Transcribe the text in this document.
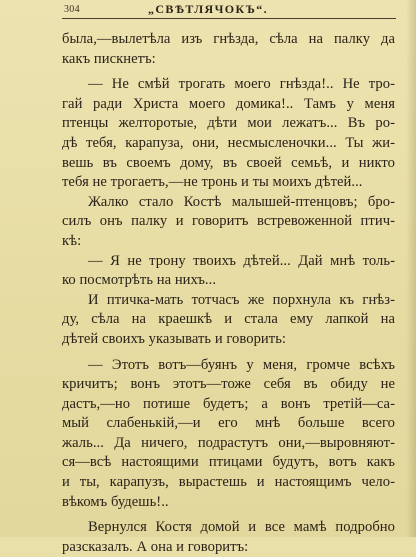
304	„СВѢТЛЯЧОКЪ“.
была,—вылетѣла изъ гнѣзда, сѣла на палку да
какъ пискнетъ:
— Не смѣй трогать моего гнѣзда!.. Не тро-
гай ради Христа моего домика!.. Тамъ у меня
птенцы желторотые, дѣти мои лежатъ... Въ ро-
дѣ тебя, карапуза, они, несмысленочки... Ты жи-
вешь въ своемъ дому, въ своей семьѣ, и никто
тебя не трогаетъ,—не тронь и ты моихъ дѣтей...
Жалко стало Костѣ малышей-птенцовъ; бро-
силъ онъ палку и говоритъ встревоженной птич-
кѣ:
— Я не трону твоихъ дѣтей... Дай мнѣ толь-
ко посмотрѣть на нихъ...
И птичка-мать тотчасъ же порхнула къ гнѣз-
ду, сѣла на краешкѣ и стала ему лапкой на
дѣтей своихъ указывать и говорить:
— Этотъ вотъ—буянъ у меня, громче всѣхъ
кричитъ; вонъ этотъ—тоже себя въ обиду не
дастъ,—но потише будетъ; а вонъ третій—са-
мый слабенькій,—и его мнѣ больше всего
жаль... Да ничего, подрастутъ они,—выровняют-
ся—всѣ настоящими птицами будутъ, вотъ какъ
и ты, карапузъ, вырастешь и настоящимъ чело-
вѣкомъ будешь!..
Вернулся Костя домой и все мамѣ подробно
разсказалъ. А она и говоритъ:
